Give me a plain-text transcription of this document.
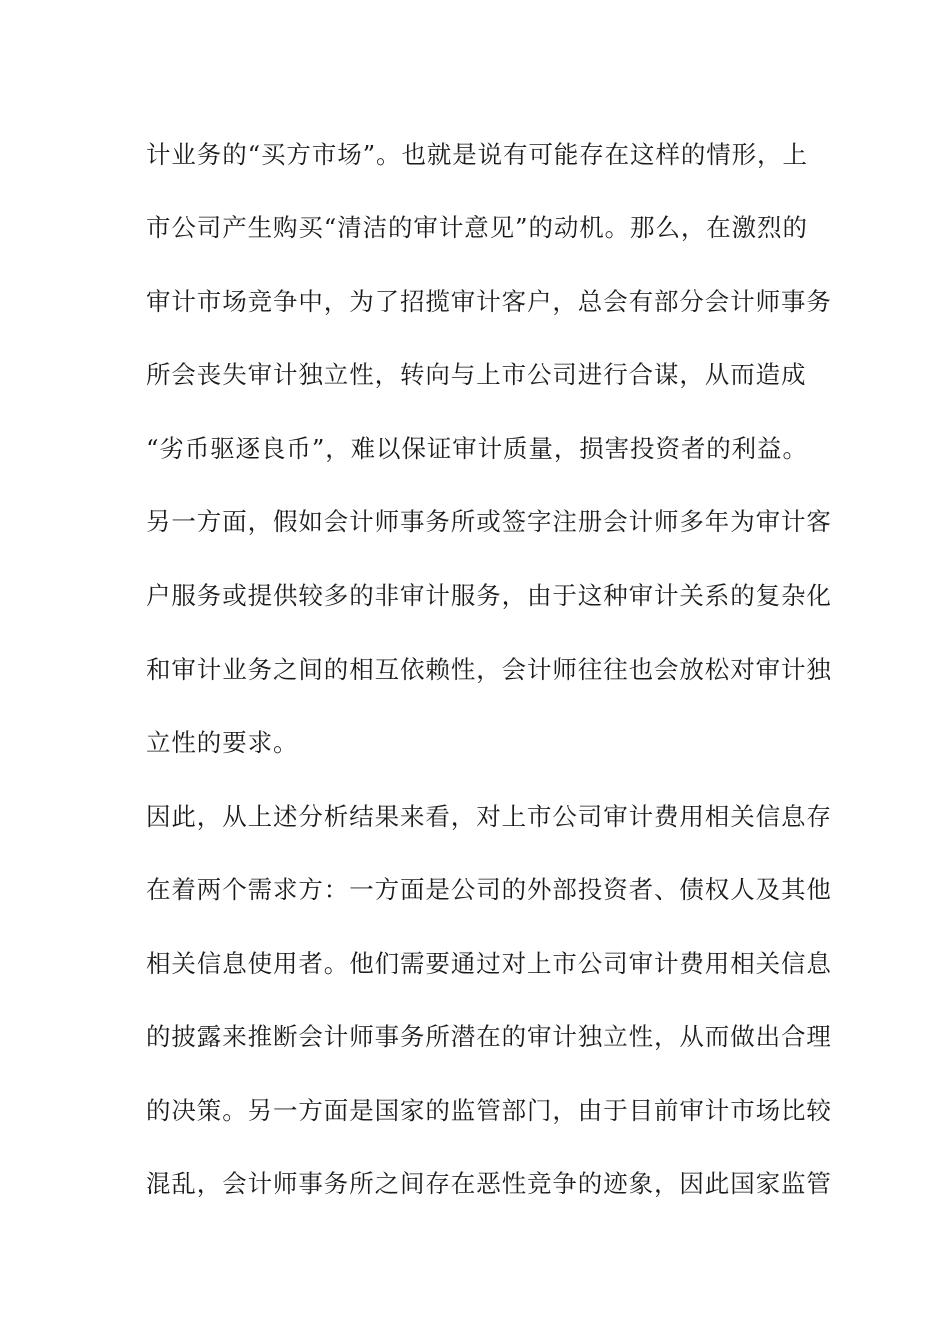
计业务的“买方市场”。也就是说有可能存在这样的情形，上
市公司产生购买“清洁的审计意见”的动机。那么，在激烈的
审计市场竞争中，为了招揽审计客户，总会有部分会计师事务
所会丧失审计独立性，转向与上市公司进行合谋，从而造成
“劣币驱逐良币”，难以保证审计质量，损害投资者的利益。
另一方面，假如会计师事务所或签字注册会计师多年为审计客
户服务或提供较多的非审计服务，由于这种审计关系的复杂化
和审计业务之间的相互依赖性，会计师往往也会放松对审计独
立性的要求。
因此，从上述分析结果来看，对上市公司审计费用相关信息存
在着两个需求方：一方面是公司的外部投资者、债权人及其他
相关信息使用者。他们需要通过对上市公司审计费用相关信息
的披露来推断会计师事务所潜在的审计独立性，从而做出合理
的决策。另一方面是国家的监管部门，由于目前审计市场比较
混乱，会计师事务所之间存在恶性竞争的迹象，因此国家监管
